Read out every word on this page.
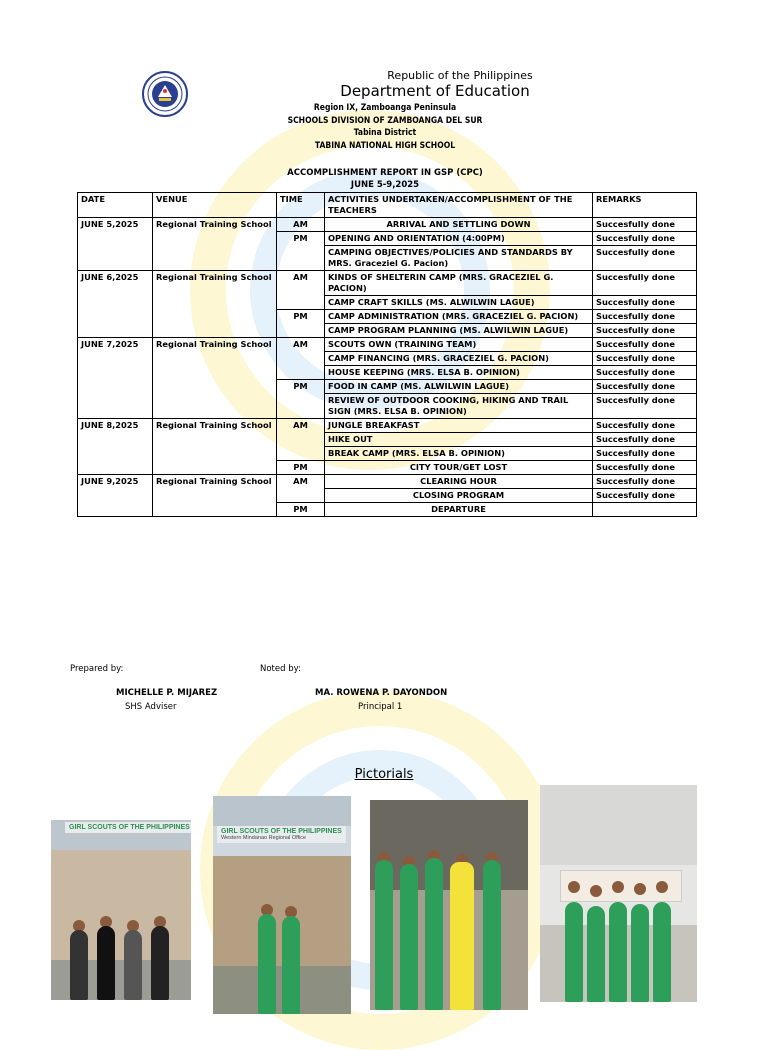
Republic of the Philippines
Department of Education
Region IX, Zamboanga Peninsula
SCHOOLS DIVISION OF ZAMBOANGA DEL SUR
Tabina District
TABINA NATIONAL HIGH SCHOOL
ACCOMPLISHMENT REPORT IN GSP (CPC)
JUNE 5-9,2025
DATE	VENUE	TIME	ACTIVITIES UNDERTAKEN/ACCOMPLISHMENT OF THE TEACHERS	REMARKS
JUNE 5,2025	Regional Training School	AM	ARRIVAL AND SETTLING DOWN	Succesfully done
		PM	OPENING AND ORIENTATION (4:00PM)	Succesfully done
			CAMPING OBJECTIVES/POLICIES AND STANDARDS BY MRS. Graceziel G. Pacion)	Succesfully done
JUNE 6,2025	Regional Training School	AM	KINDS OF SHELTERIN CAMP (MRS. GRACEZIEL G. PACION)	Succesfully done
			CAMP CRAFT SKILLS (MS. ALWILWIN LAGUE)	Succesfully done
		PM	CAMP ADMINISTRATION (MRS. GRACEZIEL G. PACION)	Succesfully done
			CAMP PROGRAM PLANNING (MS. ALWILWIN LAGUE)	Succesfully done
JUNE 7,2025	Regional Training School	AM	SCOUTS OWN (TRAINING TEAM)	Succesfully done
			CAMP FINANCING (MRS. GRACEZIEL G. PACION)	Succesfully done
			HOUSE KEEPING (MRS. ELSA B. OPINION)	Succesfully done
		PM	FOOD IN CAMP (MS. ALWILWIN LAGUE)	Succesfully done
			REVIEW OF OUTDOOR COOKING, HIKING AND TRAIL SIGN (MRS. ELSA B. OPINION)	Succesfully done
JUNE 8,2025	Regional Training School	AM	JUNGLE BREAKFAST	Succesfully done
			HIKE OUT	Succesfully done
			BREAK CAMP (MRS. ELSA B. OPINION)	Succesfully done
		PM	CITY TOUR/GET LOST	Succesfully done
JUNE 9,2025	Regional Training School	AM	CLEARING HOUR	Succesfully done
			CLOSING PROGRAM	Succesfully done
		PM	DEPARTURE	
Prepared by:	Noted by:
MICHELLE P. MIJAREZ
SHS Adviser
MA. ROWENA P. DAYONDON
Principal 1
Pictorials
GIRL SCOUTS OF THE PHILIPPINES
GIRL SCOUTS OF THE PHILIPPINES
Western Mindanao Regional Office
